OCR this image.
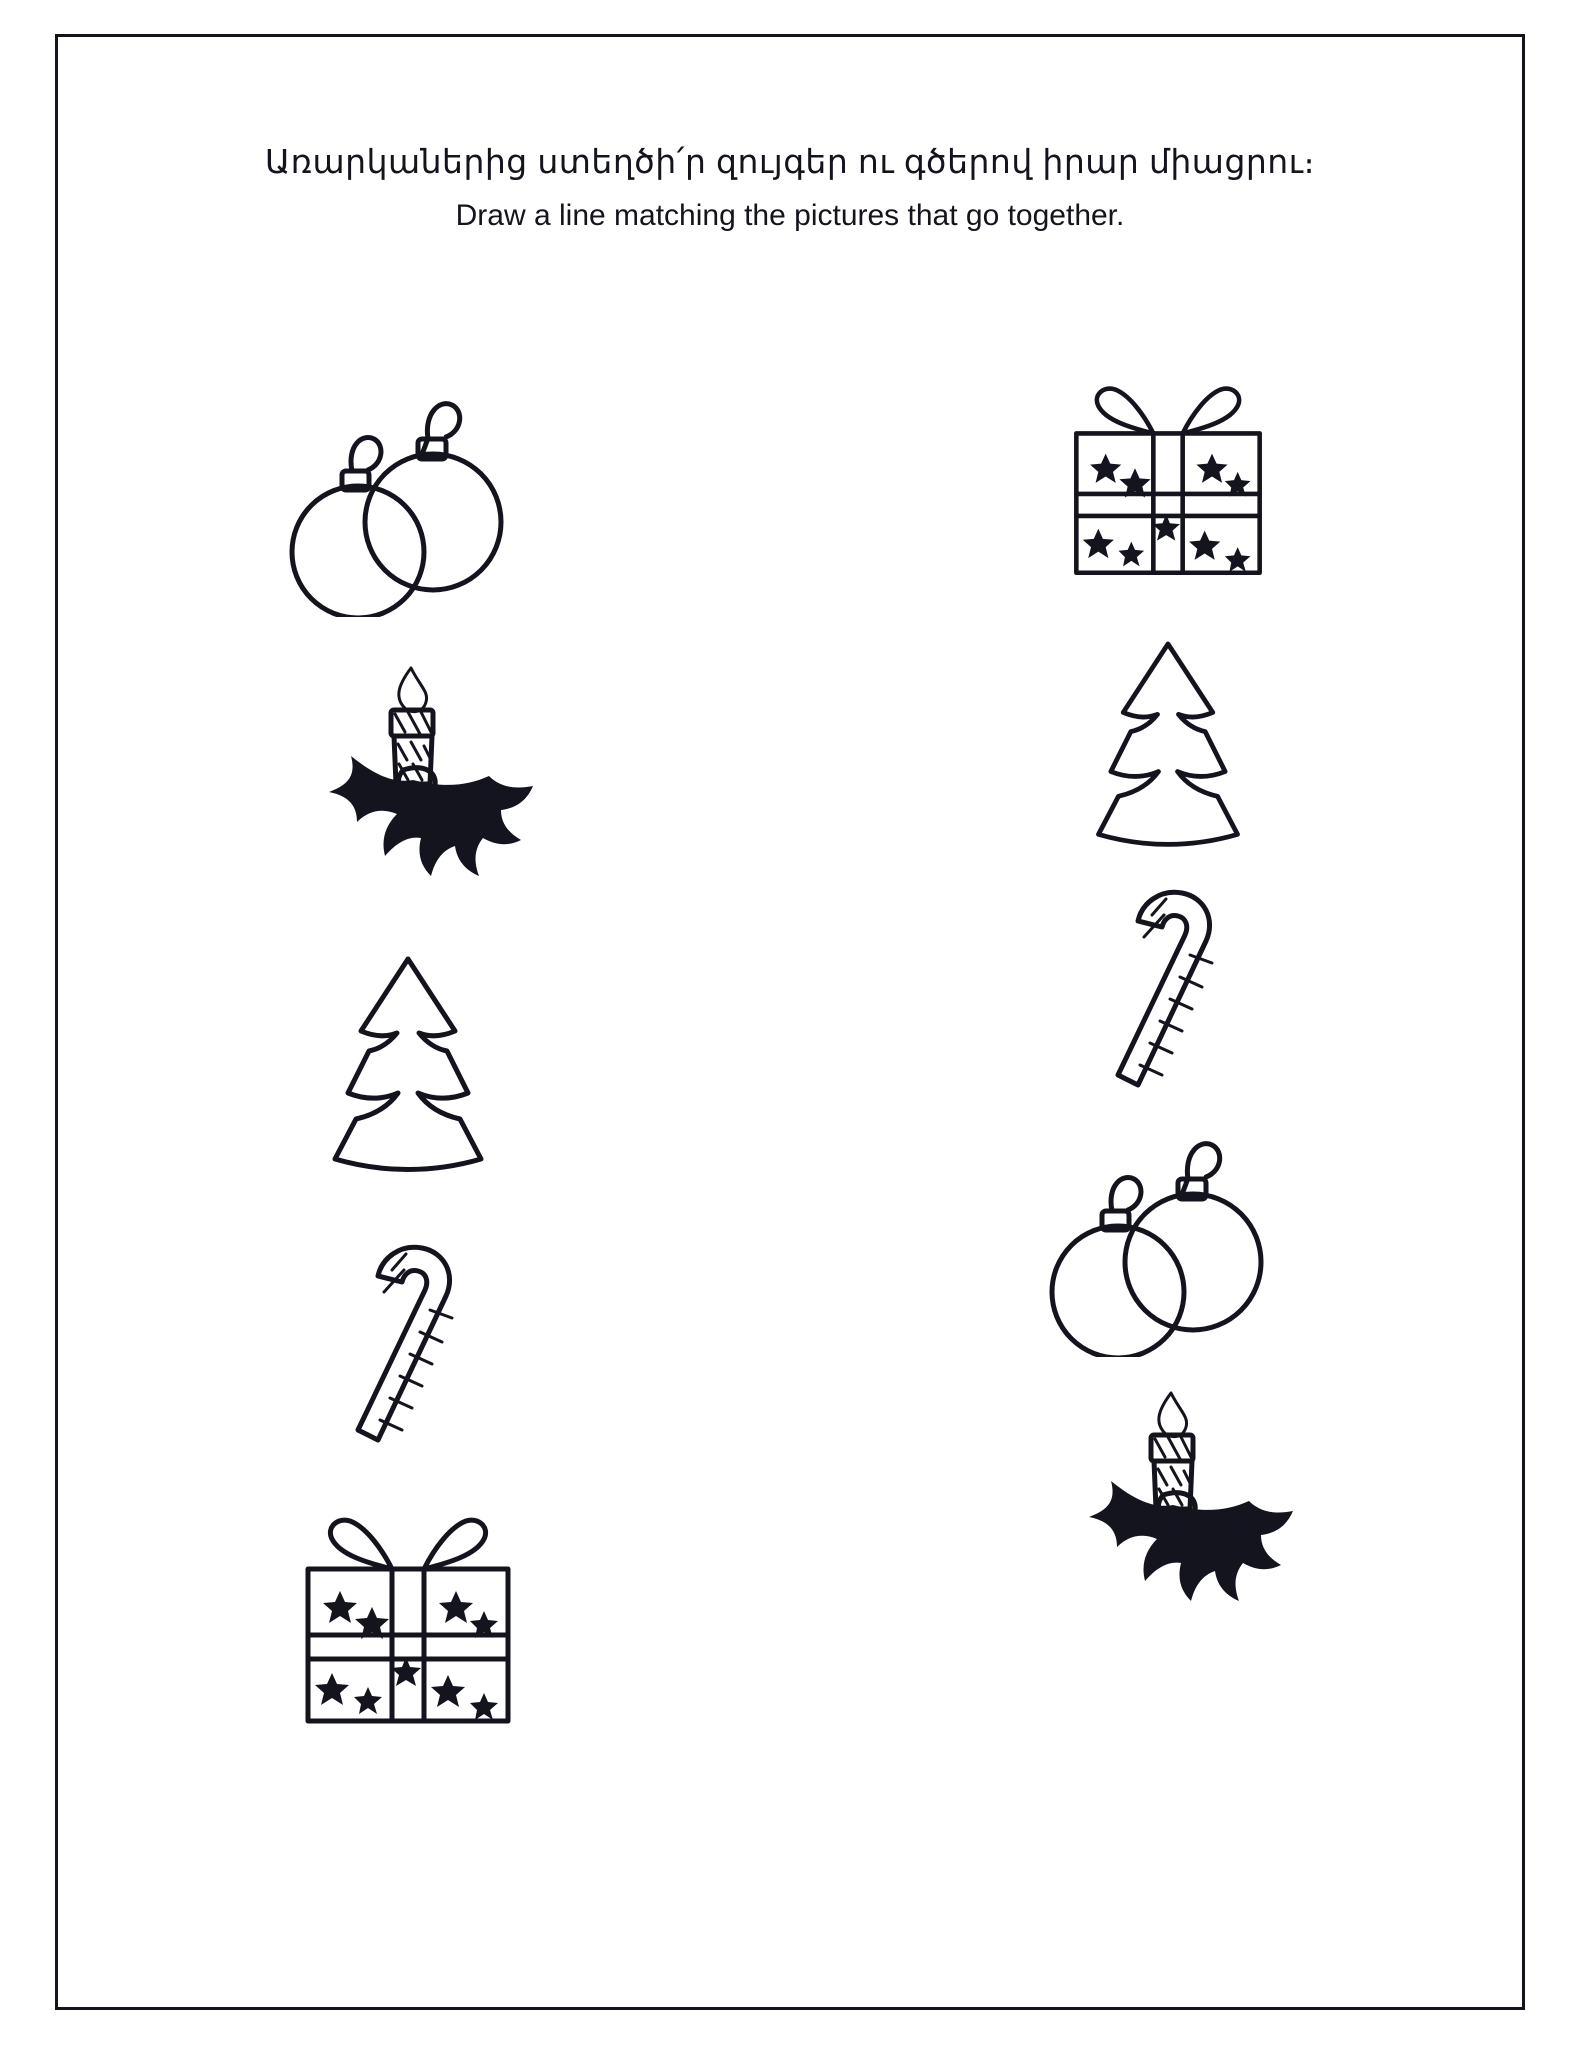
Առարկաներից ստեղծի՛ր զույգեր ու գծերով իրար միացրու։
Draw a line matching the pictures that go together.
